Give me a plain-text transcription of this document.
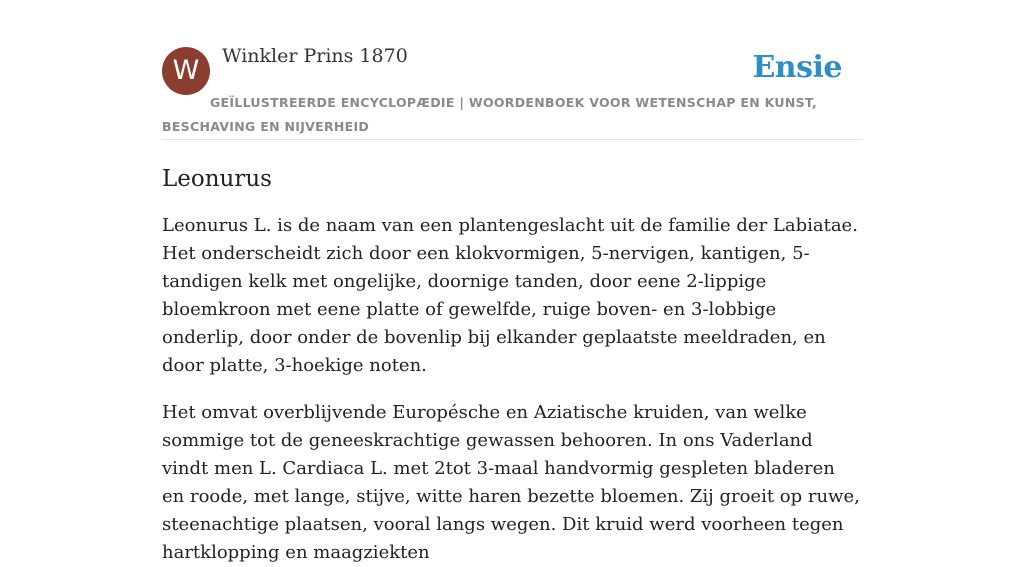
W	Winkler Prins 1870	Ensie

GEÏLLUSTREERDE ENCYCLOPÆDIE | WOORDENBOEK VOOR WETENSCHAP EN KUNST, BESCHAVING EN NIJVERHEID

Leonurus

Leonurus L. is de naam van een plantengeslacht uit de familie der Labiatae. Het onderscheidt zich door een klokvormigen, 5-nervigen, kantigen, 5-tandigen kelk met ongelijke, doornige tanden, door eene 2-lippige bloemkroon met eene platte of gewelfde, ruige boven- en 3-lobbige onderlip, door onder de bovenlip bij elkander geplaatste meeldraden, en door platte, 3-hoekige noten.

Het omvat overblijvende Europésche en Aziatische kruiden, van welke sommige tot de geneeskrachtige gewassen behooren. In ons Vaderland vindt men L. Cardiaca L. met 2tot 3-maal handvormig gespleten bladeren en roode, met lange, stijve, witte haren bezette bloemen. Zij groeit op ruwe, steenachtige plaatsen, vooral langs wegen. Dit kruid werd voorheen tegen hartklopping en maagziekten
